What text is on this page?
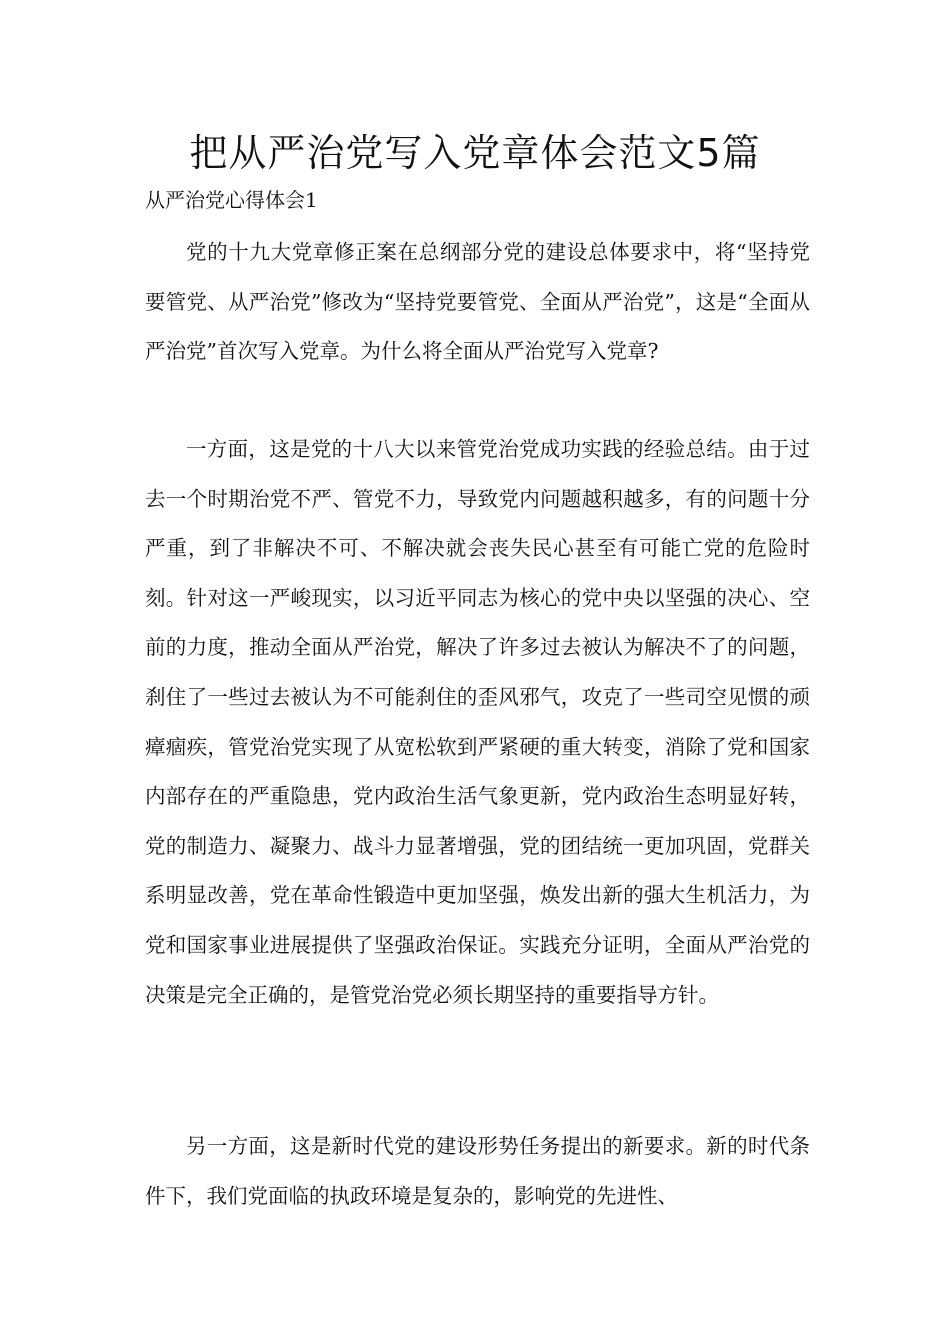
把从严治党写入党章体会范文5篇

从严治党心得体会1

党的十九大党章修正案在总纲部分党的建设总体要求中，将“坚持党要管党、从严治党”修改为“坚持党要管党、全面从严治党”，这是“全面从严治党”首次写入党章。为什么将全面从严治党写入党章?

一方面，这是党的十八大以来管党治党成功实践的经验总结。由于过去一个时期治党不严、管党不力，导致党内问题越积越多，有的问题十分严重，到了非解决不可、不解决就会丧失民心甚至有可能亡党的危险时刻。针对这一严峻现实，以习近平同志为核心的党中央以坚强的决心、空前的力度，推动全面从严治党，解决了许多过去被认为解决不了的问题，刹住了一些过去被认为不可能刹住的歪风邪气，攻克了一些司空见惯的顽瘴痼疾，管党治党实现了从宽松软到严紧硬的重大转变，消除了党和国家内部存在的严重隐患，党内政治生活气象更新，党内政治生态明显好转，党的制造力、凝聚力、战斗力显著增强，党的团结统一更加巩固，党群关系明显改善，党在革命性锻造中更加坚强，焕发出新的强大生机活力，为党和国家事业进展提供了坚强政治保证。实践充分证明，全面从严治党的决策是完全正确的，是管党治党必须长期坚持的重要指导方针。

另一方面，这是新时代党的建设形势任务提出的新要求。新的时代条件下，我们党面临的执政环境是复杂的，影响党的先进性、
